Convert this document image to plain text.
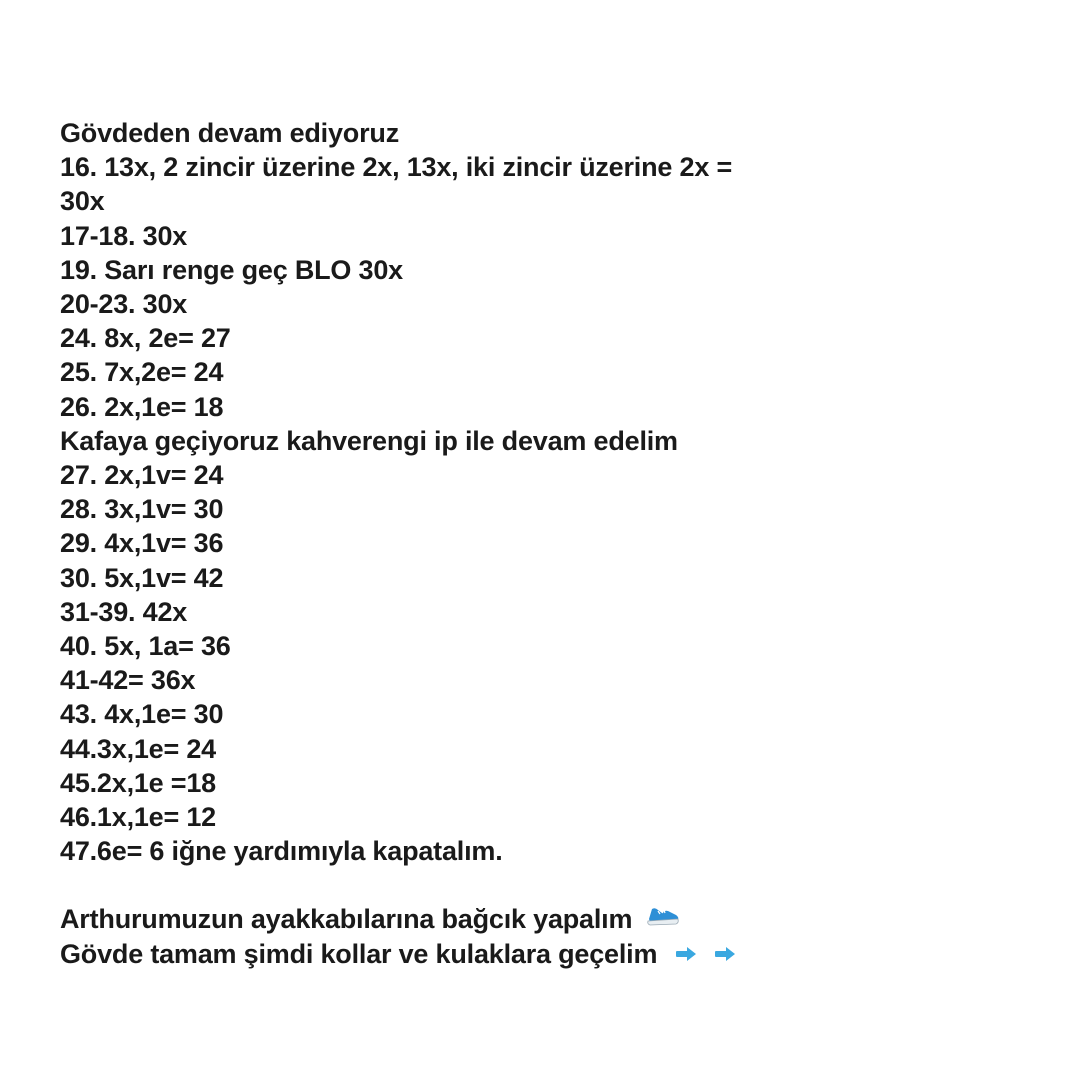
Gövdeden devam ediyoruz
16. 13x, 2 zincir üzerine 2x, 13x, iki zincir üzerine 2x =
30x
17-18. 30x
19. Sarı renge geç BLO 30x
20-23. 30x
24. 8x, 2e= 27
25. 7x,2e= 24
26. 2x,1e= 18
Kafaya geçiyoruz kahverengi ip ile devam edelim
27. 2x,1v= 24
28. 3x,1v= 30
29. 4x,1v= 36
30. 5x,1v= 42
31-39. 42x
40. 5x, 1a= 36
41-42= 36x
43. 4x,1e= 30
44.3x,1e= 24
45.2x,1e =18
46.1x,1e= 12
47.6e= 6 iğne yardımıyla kapatalım.
Arthurumuzun ayakkabılarına bağcık yapalım
Gövde tamam şimdi kollar ve kulaklara geçelim
